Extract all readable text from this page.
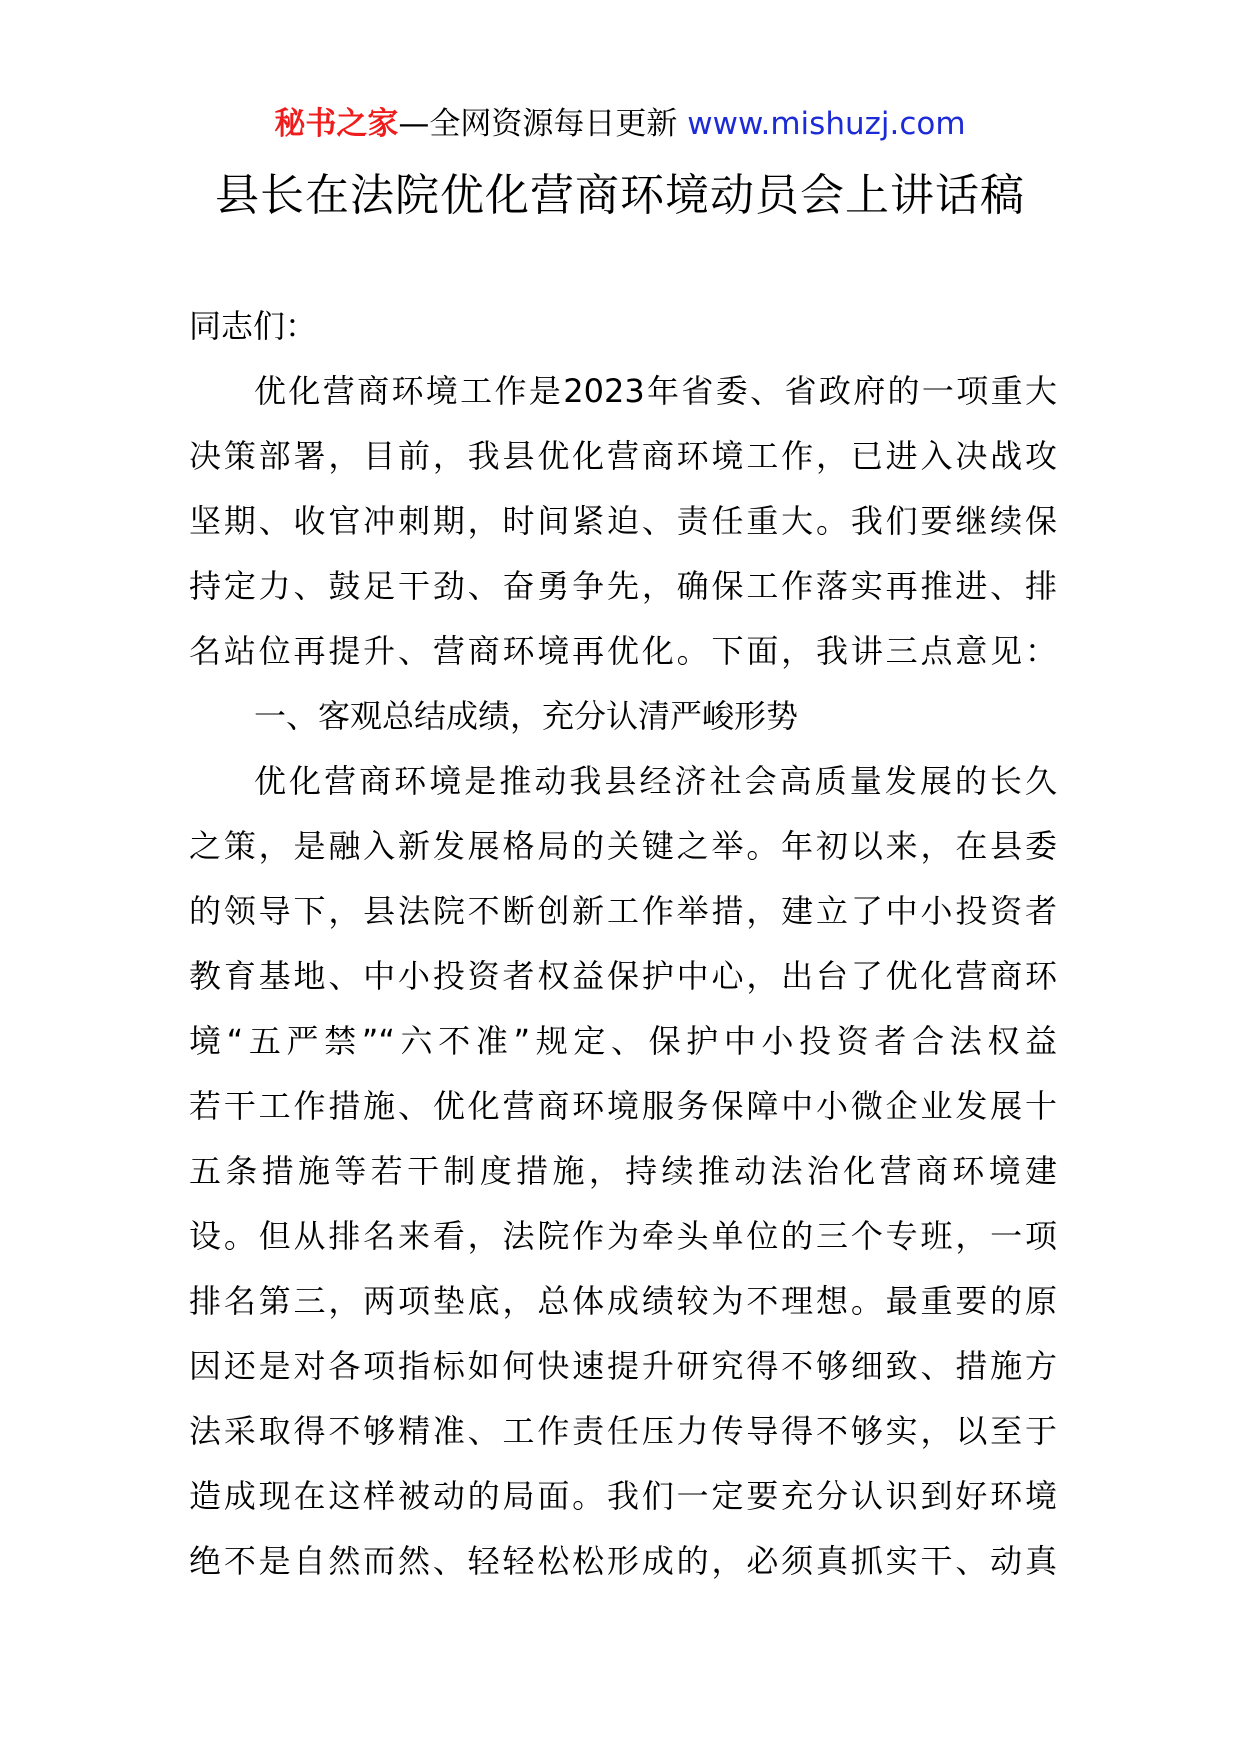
秘书之家—全网资源每日更新 www.mishuzj.com
县长在法院优化营商环境动员会上讲话稿
同志们：
优化营商环境工作是2023年省委、省政府的一项重大
决策部署，目前，我县优化营商环境工作，已进入决战攻
坚期、收官冲刺期，时间紧迫、责任重大。我们要继续保
持定力、鼓足干劲、奋勇争先，确保工作落实再推进、排
名站位再提升、营商环境再优化。下面，我讲三点意见：
一、客观总结成绩，充分认清严峻形势
优化营商环境是推动我县经济社会高质量发展的长久
之策，是融入新发展格局的关键之举。年初以来，在县委
的领导下，县法院不断创新工作举措，建立了中小投资者
教育基地、中小投资者权益保护中心，出台了优化营商环
境“五严禁”“六不准”规定、保护中小投资者合法权益
若干工作措施、优化营商环境服务保障中小微企业发展十
五条措施等若干制度措施，持续推动法治化营商环境建
设。但从排名来看，法院作为牵头单位的三个专班，一项
排名第三，两项垫底，总体成绩较为不理想。最重要的原
因还是对各项指标如何快速提升研究得不够细致、措施方
法采取得不够精准、工作责任压力传导得不够实，以至于
造成现在这样被动的局面。我们一定要充分认识到好环境
绝不是自然而然、轻轻松松形成的，必须真抓实干、动真
